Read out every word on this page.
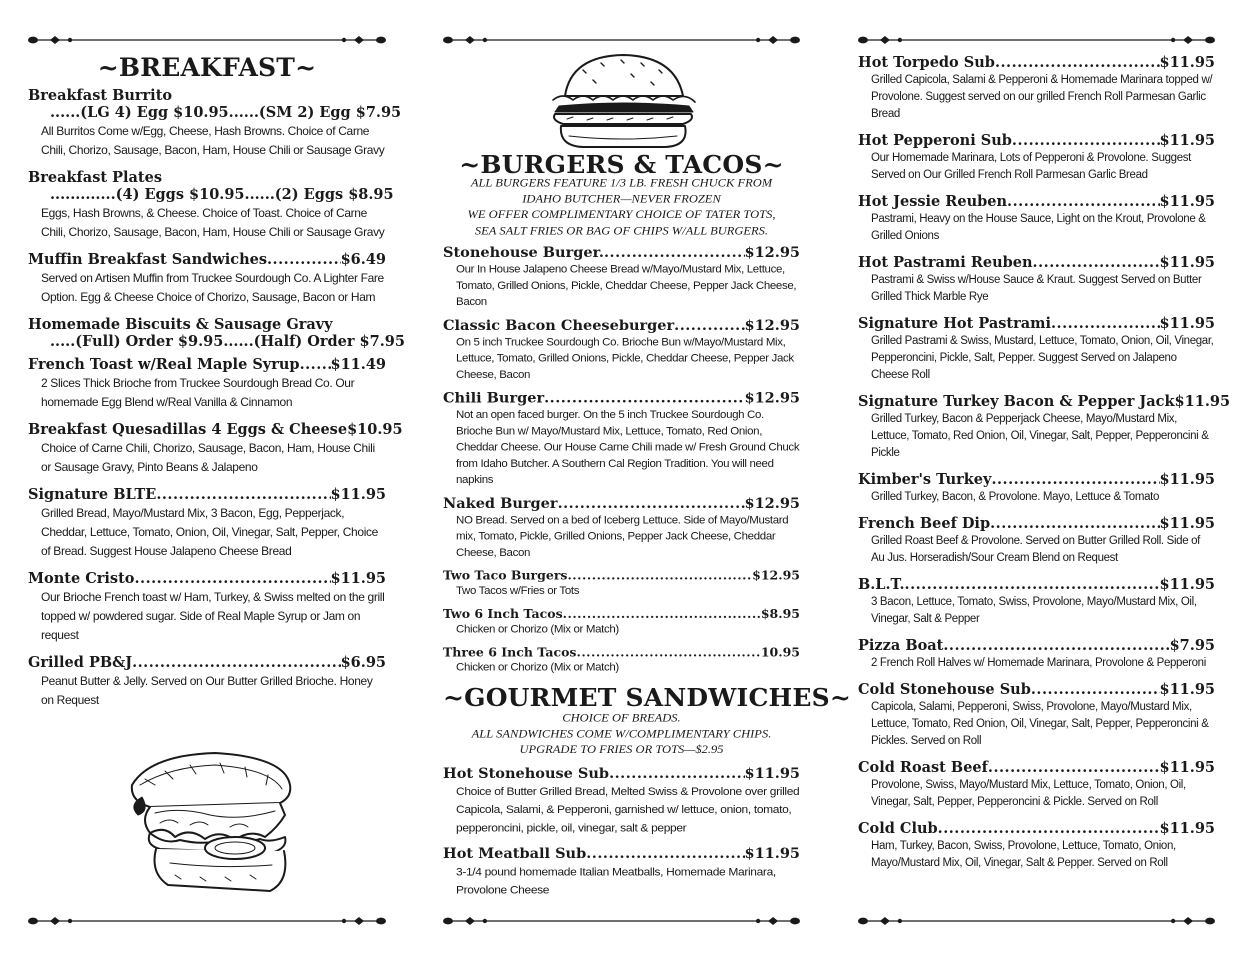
~BREAKFAST~
Breakfast Burrito
......(LG 4) Egg $10.95......(SM 2) Egg $7.95
All Burritos Come w/Egg, Cheese, Hash Browns. Choice of Carne Chili, Chorizo, Sausage, Bacon, Ham, House Chili or Sausage Gravy
Breakfast Plates
.............(4) Eggs $10.95......(2) Eggs $8.95
Eggs, Hash Browns, & Cheese. Choice of Toast. Choice of Carne Chili, Chorizo, Sausage, Bacon, Ham, House Chili or Sausage Gravy
Muffin Breakfast Sandwiches .....	$6.49
Served on Artisen Muffin from Truckee Sourdough Co. A Lighter Fare Option. Egg & Cheese Choice of Chorizo, Sausage, Bacon or Ham
Homemade Biscuits & Sausage Gravy
.....(Full) Order $9.95......(Half) Order $7.95
French Toast w/Real Maple Syrup ..... $11.49
2 Slices Thick Brioche from Truckee Sourdough Bread Co. Our homemade Egg Blend w/Real Vanilla & Cinnamon
Breakfast Quesadillas 4 Eggs & Cheese $10.95
Choice of Carne Chili, Chorizo, Sausage, Bacon, Ham, House Chili or Sausage Gravy, Pinto Beans & Jalapeno
Signature BLTE .....	$11.95
Grilled Bread, Mayo/Mustard Mix, 3 Bacon, Egg, Pepperjack, Cheddar, Lettuce, Tomato, Onion, Oil, Vinegar, Salt, Pepper, Choice of Bread. Suggest House Jalapeno Cheese Bread
Monte Cristo .....	$11.95
Our Brioche French toast w/ Ham, Turkey, & Swiss melted on the grill topped w/ powdered sugar. Side of Real Maple Syrup or Jam on request
Grilled PB&J .....	$6.95
Peanut Butter & Jelly. Served on Our Butter Grilled Brioche. Honey on Request
~BURGERS & TACOS~
ALL BURGERS FEATURE 1/3 LB. FRESH CHUCK FROM
IDAHO BUTCHER—NEVER FROZEN
WE OFFER COMPLIMENTARY CHOICE OF TATER TOTS,
SEA SALT FRIES OR BAG OF CHIPS W/ALL BURGERS.
Stonehouse Burger. .....	$12.95
Our In House Jalapeno Cheese Bread w/Mayo/Mustard Mix, Lettuce, Tomato, Grilled Onions, Pickle, Cheddar Cheese, Pepper Jack Cheese, Bacon
Classic Bacon Cheeseburger .....	$12.95
On 5 inch Truckee Sourdough Co. Brioche Bun w/Mayo/Mustard Mix, Lettuce, Tomato, Grilled Onions, Pickle, Cheddar Cheese, Pepper Jack Cheese, Bacon
Chili Burger .....	$12.95
Not an open faced burger. On the 5 inch Truckee Sourdough Co. Brioche Bun w/ Mayo/Mustard Mix, Lettuce, Tomato, Red Onion, Cheddar Cheese. Our House Carne Chili made w/ Fresh Ground Chuck from Idaho Butcher. A Southern Cal Region Tradition. You will need napkins
Naked Burger .....	$12.95
NO Bread. Served on a bed of Iceberg Lettuce. Side of Mayo/Mustard mix, Tomato, Pickle, Grilled Onions, Pepper Jack Cheese, Cheddar Cheese, Bacon
Two Taco Burgers .....	$12.95
Two Tacos w/Fries or Tots
Two 6 Inch Tacos .....	$8.95
Chicken or Chorizo (Mix or Match)
Three 6 Inch Tacos .....	10.95
Chicken or Chorizo (Mix or Match)
~GOURMET SANDWICHES~
CHOICE OF BREADS.
ALL SANDWICHES COME W/COMPLIMENTARY CHIPS.
UPGRADE TO FRIES OR TOTS—$2.95
Hot Stonehouse Sub .....	$11.95
Choice of Butter Grilled Bread, Melted Swiss & Provolone over grilled Capicola, Salami, & Pepperoni, garnished w/ lettuce, onion, tomato, pepperoncini, pickle, oil, vinegar, salt & pepper
Hot Meatball Sub .....	$11.95
3-1/4 pound homemade Italian Meatballs, Homemade Marinara, Provolone Cheese
Hot Torpedo Sub .....	$11.95
Grilled Capicola, Salami & Pepperoni & Homemade Marinara topped w/ Provolone. Suggest served on our grilled French Roll Parmesan Garlic Bread
Hot Pepperoni Sub .....	$11.95
Our Homemade Marinara, Lots of Pepperoni & Provolone. Suggest Served on Our Grilled French Roll Parmesan Garlic Bread
Hot Jessie Reuben .....	$11.95
Pastrami, Heavy on the House Sauce, Light on the Krout, Provolone & Grilled Onions
Hot Pastrami Reuben .....	$11.95
Pastrami & Swiss w/House Sauce & Kraut. Suggest Served on Butter Grilled Thick Marble Rye
Signature Hot Pastrami .....	$11.95
Grilled Pastrami & Swiss, Mustard, Lettuce, Tomato, Onion, Oil, Vinegar, Pepperoncini, Pickle, Salt, Pepper. Suggest Served on Jalapeno Cheese Roll
Signature Turkey Bacon & Pepper Jack $11.95
Grilled Turkey, Bacon & Pepperjack Cheese, Mayo/Mustard Mix, Lettuce, Tomato, Red Onion, Oil, Vinegar, Salt, Pepper, Pepperoncini & Pickle
Kimber's Turkey .....	$11.95
Grilled Turkey, Bacon, & Provolone. Mayo, Lettuce & Tomato
French Beef Dip .....	$11.95
Grilled Roast Beef & Provolone. Served on Butter Grilled Roll. Side of Au Jus. Horseradish/Sour Cream Blend on Request
B.L.T. .....	$11.95
3 Bacon, Lettuce, Tomato, Swiss, Provolone, Mayo/Mustard Mix, Oil, Vinegar, Salt & Pepper
Pizza Boat .....	$7.95
2 French Roll Halves w/ Homemade Marinara, Provolone & Pepperoni
Cold Stonehouse Sub .....	$11.95
Capicola, Salami, Pepperoni, Swiss, Provolone, Mayo/Mustard Mix, Lettuce, Tomato, Red Onion, Oil, Vinegar, Salt, Pepper, Pepperoncini & Pickles. Served on Roll
Cold Roast Beef .....	$11.95
Provolone, Swiss, Mayo/Mustard Mix, Lettuce, Tomato, Onion, Oil, Vinegar, Salt, Pepper, Pepperoncini & Pickle. Served on Roll
Cold Club .....	$11.95
Ham, Turkey, Bacon, Swiss, Provolone, Lettuce, Tomato, Onion, Mayo/Mustard Mix, Oil, Vinegar, Salt & Pepper. Served on Roll
